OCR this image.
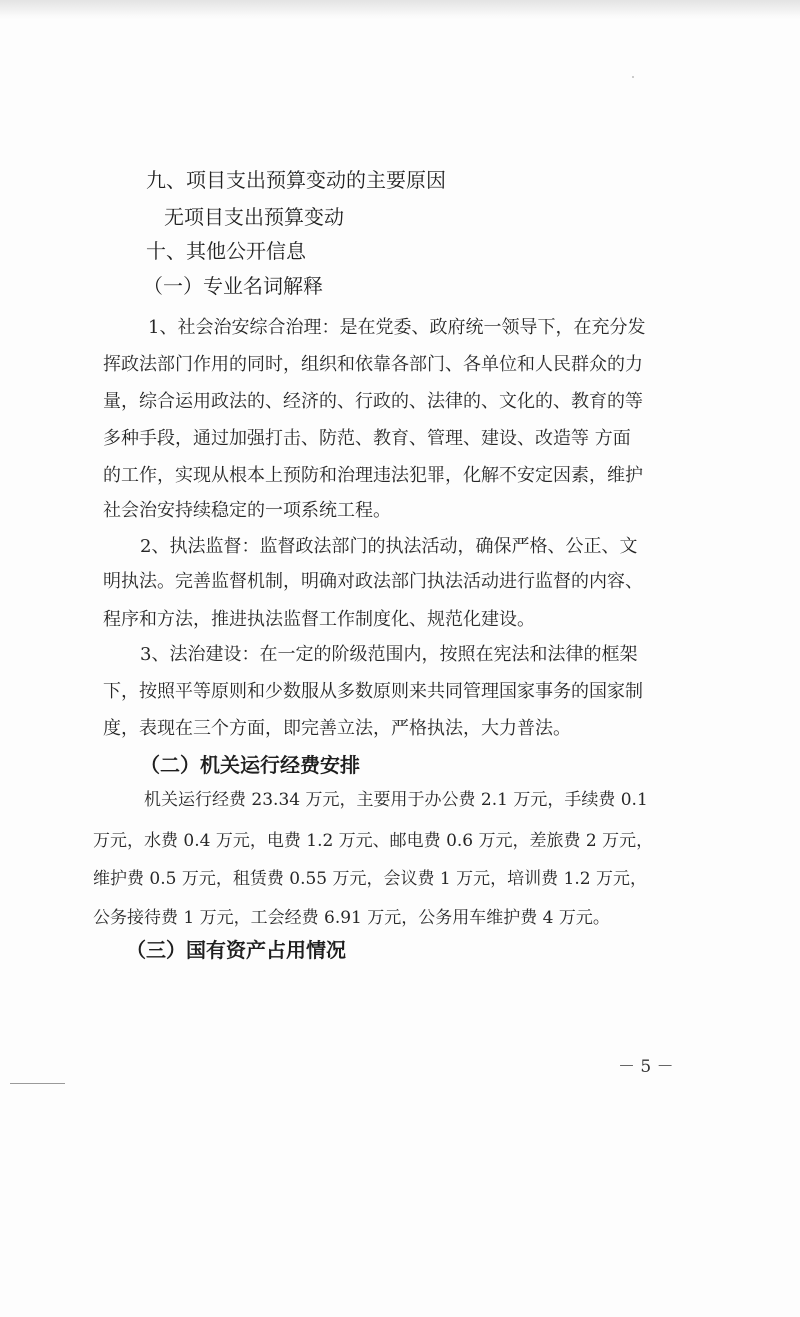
九、项目支出预算变动的主要原因

无项目支出预算变动

十、其他公开信息
（一）专业名词解释

1、社会治安综合治理：是在党委、政府统一领导下，在充分发

挥政法部门作用的同时，组织和依靠各部门、各单位和人民群众的力

量，综合运用政法的、经济的、行政的、法律的、文化的、教育的等

多种手段，通过加强打击、防范、教育、管理、建设、改造等 方面

的工作，实现从根本上预防和治理违法犯罪，化解不安定因素，维护

社会治安持续稳定的一项系统工程。

2、执法监督：监督政法部门的执法活动，确保严格、公正、文

明执法。完善监督机制，明确对政法部门执法活动进行监督的内容、

程序和方法，推进执法监督工作制度化、规范化建设。

3、法治建设：在一定的阶级范围内，按照在宪法和法律的框架

下，按照平等原则和少数服从多数原则来共同管理国家事务的国家制

度，表现在三个方面，即完善立法，严格执法，大力普法。

（二）机关运行经费安排

机关运行经费 23.34 万元，主要用于办公费 2.1 万元，手续费 0.1

万元，水费 0.4 万元，电费 1.2 万元、邮电费 0.6 万元，差旅费 2 万元，

维护费 0.5 万元，租赁费 0.55 万元，会议费 1 万元，培训费 1.2 万元，

公务接待费 1 万元，工会经费 6.91 万元，公务用车维护费 4 万元。

（三）国有资产占用情况
－ 5 －
